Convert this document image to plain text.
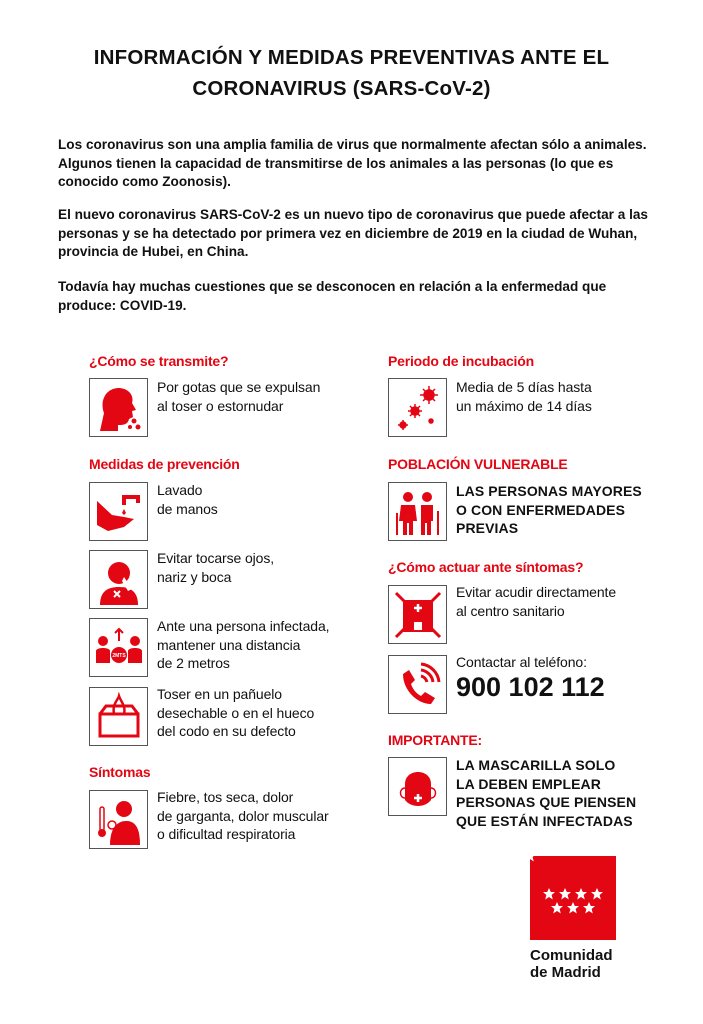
INFORMACIÓN Y MEDIDAS PREVENTIVAS ANTE EL
CORONAVIRUS (SARS-CoV-2)

Los coronavirus son una amplia familia de virus que normalmente afectan sólo a animales. Algunos tienen la capacidad de transmitirse de los animales a las personas (lo que es conocido como Zoonosis).

El nuevo coronavirus SARS-CoV-2 es un nuevo tipo de coronavirus que puede afectar a las personas y se ha detectado por primera vez en diciembre de 2019 en la ciudad de Wuhan, provincia de Hubei, en China.

Todavía hay muchas cuestiones que se desconocen en relación a la enfermedad que produce: COVID-19.

¿Cómo se transmite?
Por gotas que se expulsan
al toser o estornudar
Medidas de prevención
Lavado
de manos
Evitar tocarse ojos,
nariz y boca
2MTS
Ante una persona infectada,
mantener una distancia
de 2 metros
Toser en un pañuelo
desechable o en el hueco
del codo en su defecto
Síntomas
Fiebre, tos seca, dolor
de garganta, dolor muscular
o dificultad respiratoria
Periodo de incubación
Media de 5 días hasta
un máximo de 14 días
POBLACIÓN VULNERABLE
LAS PERSONAS MAYORES
O CON ENFERMEDADES
PREVIAS
¿Cómo actuar ante síntomas?
Evitar acudir directamente
al centro sanitario
Contactar al teléfono:
900 102 112
IMPORTANTE:
LA MASCARILLA SOLO
LA DEBEN EMPLEAR
PERSONAS QUE PIENSEN
QUE ESTÁN INFECTADAS
Comunidad
de Madrid
